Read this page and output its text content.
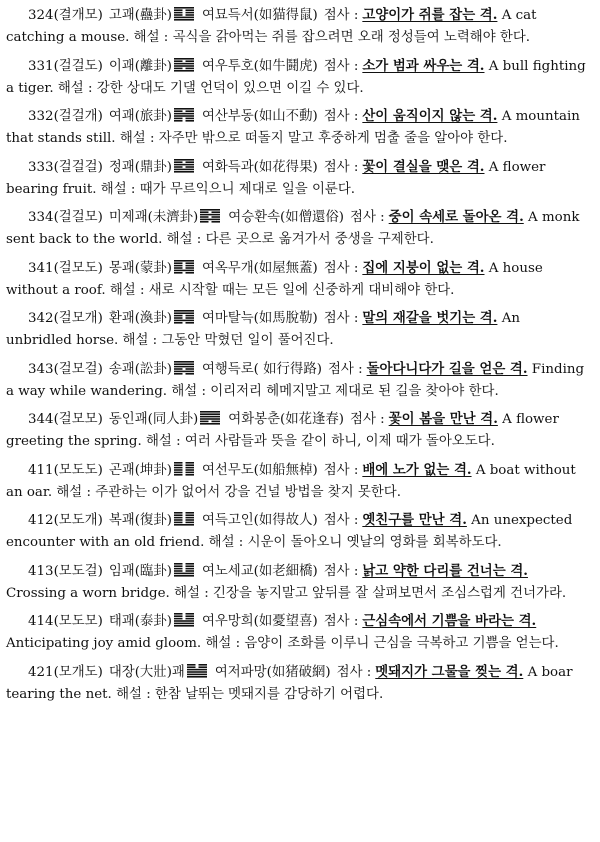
324(결개모) 고괘(蠱卦) 여묘득서(如猫得鼠) 점사 : 고양이가 쥐를 잡는 격. A cat catching a mouse. 해설 : 곡식을 갉아먹는 쥐를 잡으려면 오래 정성들여 노력해야 한다.
331(걸걸도) 이괘(離卦) 여우투호(如牛鬪虎) 점사 : 소가 범과 싸우는 격. A bull fighting a tiger. 해설 : 강한 상대도 기댈 언덕이 있으면 이길 수 있다.
332(걸걸개) 여괘(旅卦) 여산부동(如山不動) 점사 : 산이 움직이지 않는 격. A mountain that stands still. 해설 : 자주만 밖으로 떠돌지 말고 후중하게 멈출 줄을 알아야 한다.
333(걸걸걸) 정괘(鼎卦) 여화득과(如花得果) 점사 : 꽃이 결실을 맺은 격. A flower bearing fruit. 해설 : 때가 무르익으니 제대로 일을 이룬다.
334(걸걸모) 미제괘(未濟卦) 여승환속(如僧還俗) 점사 : 중이 속세로 돌아온 격. A monk sent back to the world. 해설 : 다른 곳으로 옮겨가서 중생을 구제한다.
341(걸모도) 몽괘(蒙卦) 여옥무개(如屋無蓋) 점사 : 집에 지붕이 없는 격. A house without a roof. 해설 : 새로 시작할 때는 모든 일에 신중하게 대비해야 한다.
342(걸모개) 환괘(渙卦) 여마탈늑(如馬脫勒) 점사 : 말의 재갈을 벗기는 격. An unbridled horse. 해설 : 그동안 막혔던 일이 풀어진다.
343(걸모걸) 송괘(訟卦) 여행득로( 如行得路) 점사 : 돌아다니다가 길을 얻은 격. Finding a way while wandering. 해설 : 이리저리 헤메지말고 제대로 된 길을 찾아야 한다.
344(걸모모) 동인괘(同人卦) 여화봉춘(如花逢春) 점사 : 꽃이 봄을 만난 격. A flower greeting the spring. 해설 : 여러 사람들과 뜻을 같이 하니, 이제 때가 돌아오도다.
411(모도도) 곤괘(坤卦) 여선무도(如船無棹) 점사 : 배에 노가 없는 격. A boat without an oar. 해설 : 주관하는 이가 없어서 강을 건널 방법을 찾지 못한다.
412(모도개) 복괘(復卦) 여득고인(如得故人) 점사 : 옛친구를 만난 격. An unexpected encounter with an old friend. 해설 : 시운이 돌아오니 옛날의 영화를 회복하도다.
413(모도걸) 임괘(臨卦) 여노세교(如老細橋) 점사 : 낡고 약한 다리를 건너는 격. Crossing a worn bridge. 해설 : 긴장을 놓지말고 앞뒤를 잘 살펴보면서 조심스럽게 건너가라.
414(모도모) 태괘(泰卦) 여우망희(如憂望喜) 점사 : 근심속에서 기쁨을 바라는 격. Anticipating joy amid gloom. 해설 : 음양이 조화를 이루니 근심을 극복하고 기쁨을 얻는다.
421(모개도) 대장(大壯)괘 여저파망(如猪破網) 점사 : 멧돼지가 그물을 찢는 격. A boar tearing the net. 해설 : 한참 날뛰는 멧돼지를 감당하기 어렵다.
